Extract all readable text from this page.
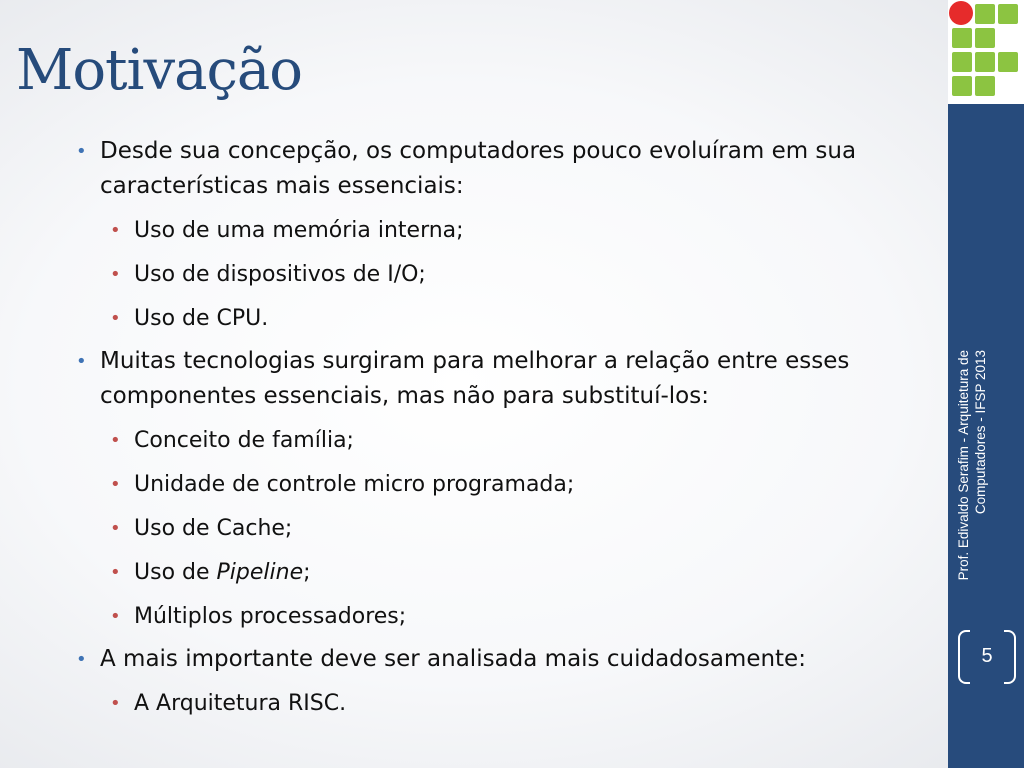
Motivação
• Desde sua concepção, os computadores pouco evoluíram em sua características mais essenciais:
• Uso de uma memória interna;
• Uso de dispositivos de I/O;
• Uso de CPU.
• Muitas tecnologias surgiram para melhorar a relação entre esses componentes essenciais, mas não para substituí-los:
• Conceito de família;
• Unidade de controle micro programada;
• Uso de Cache;
• Uso de Pipeline;
• Múltiplos processadores;
• A mais importante deve ser analisada mais cuidadosamente:
• A Arquitetura RISC.
Prof. Edivaldo Serafim - Arquitetura de Computadores - IFSP 2013
5
